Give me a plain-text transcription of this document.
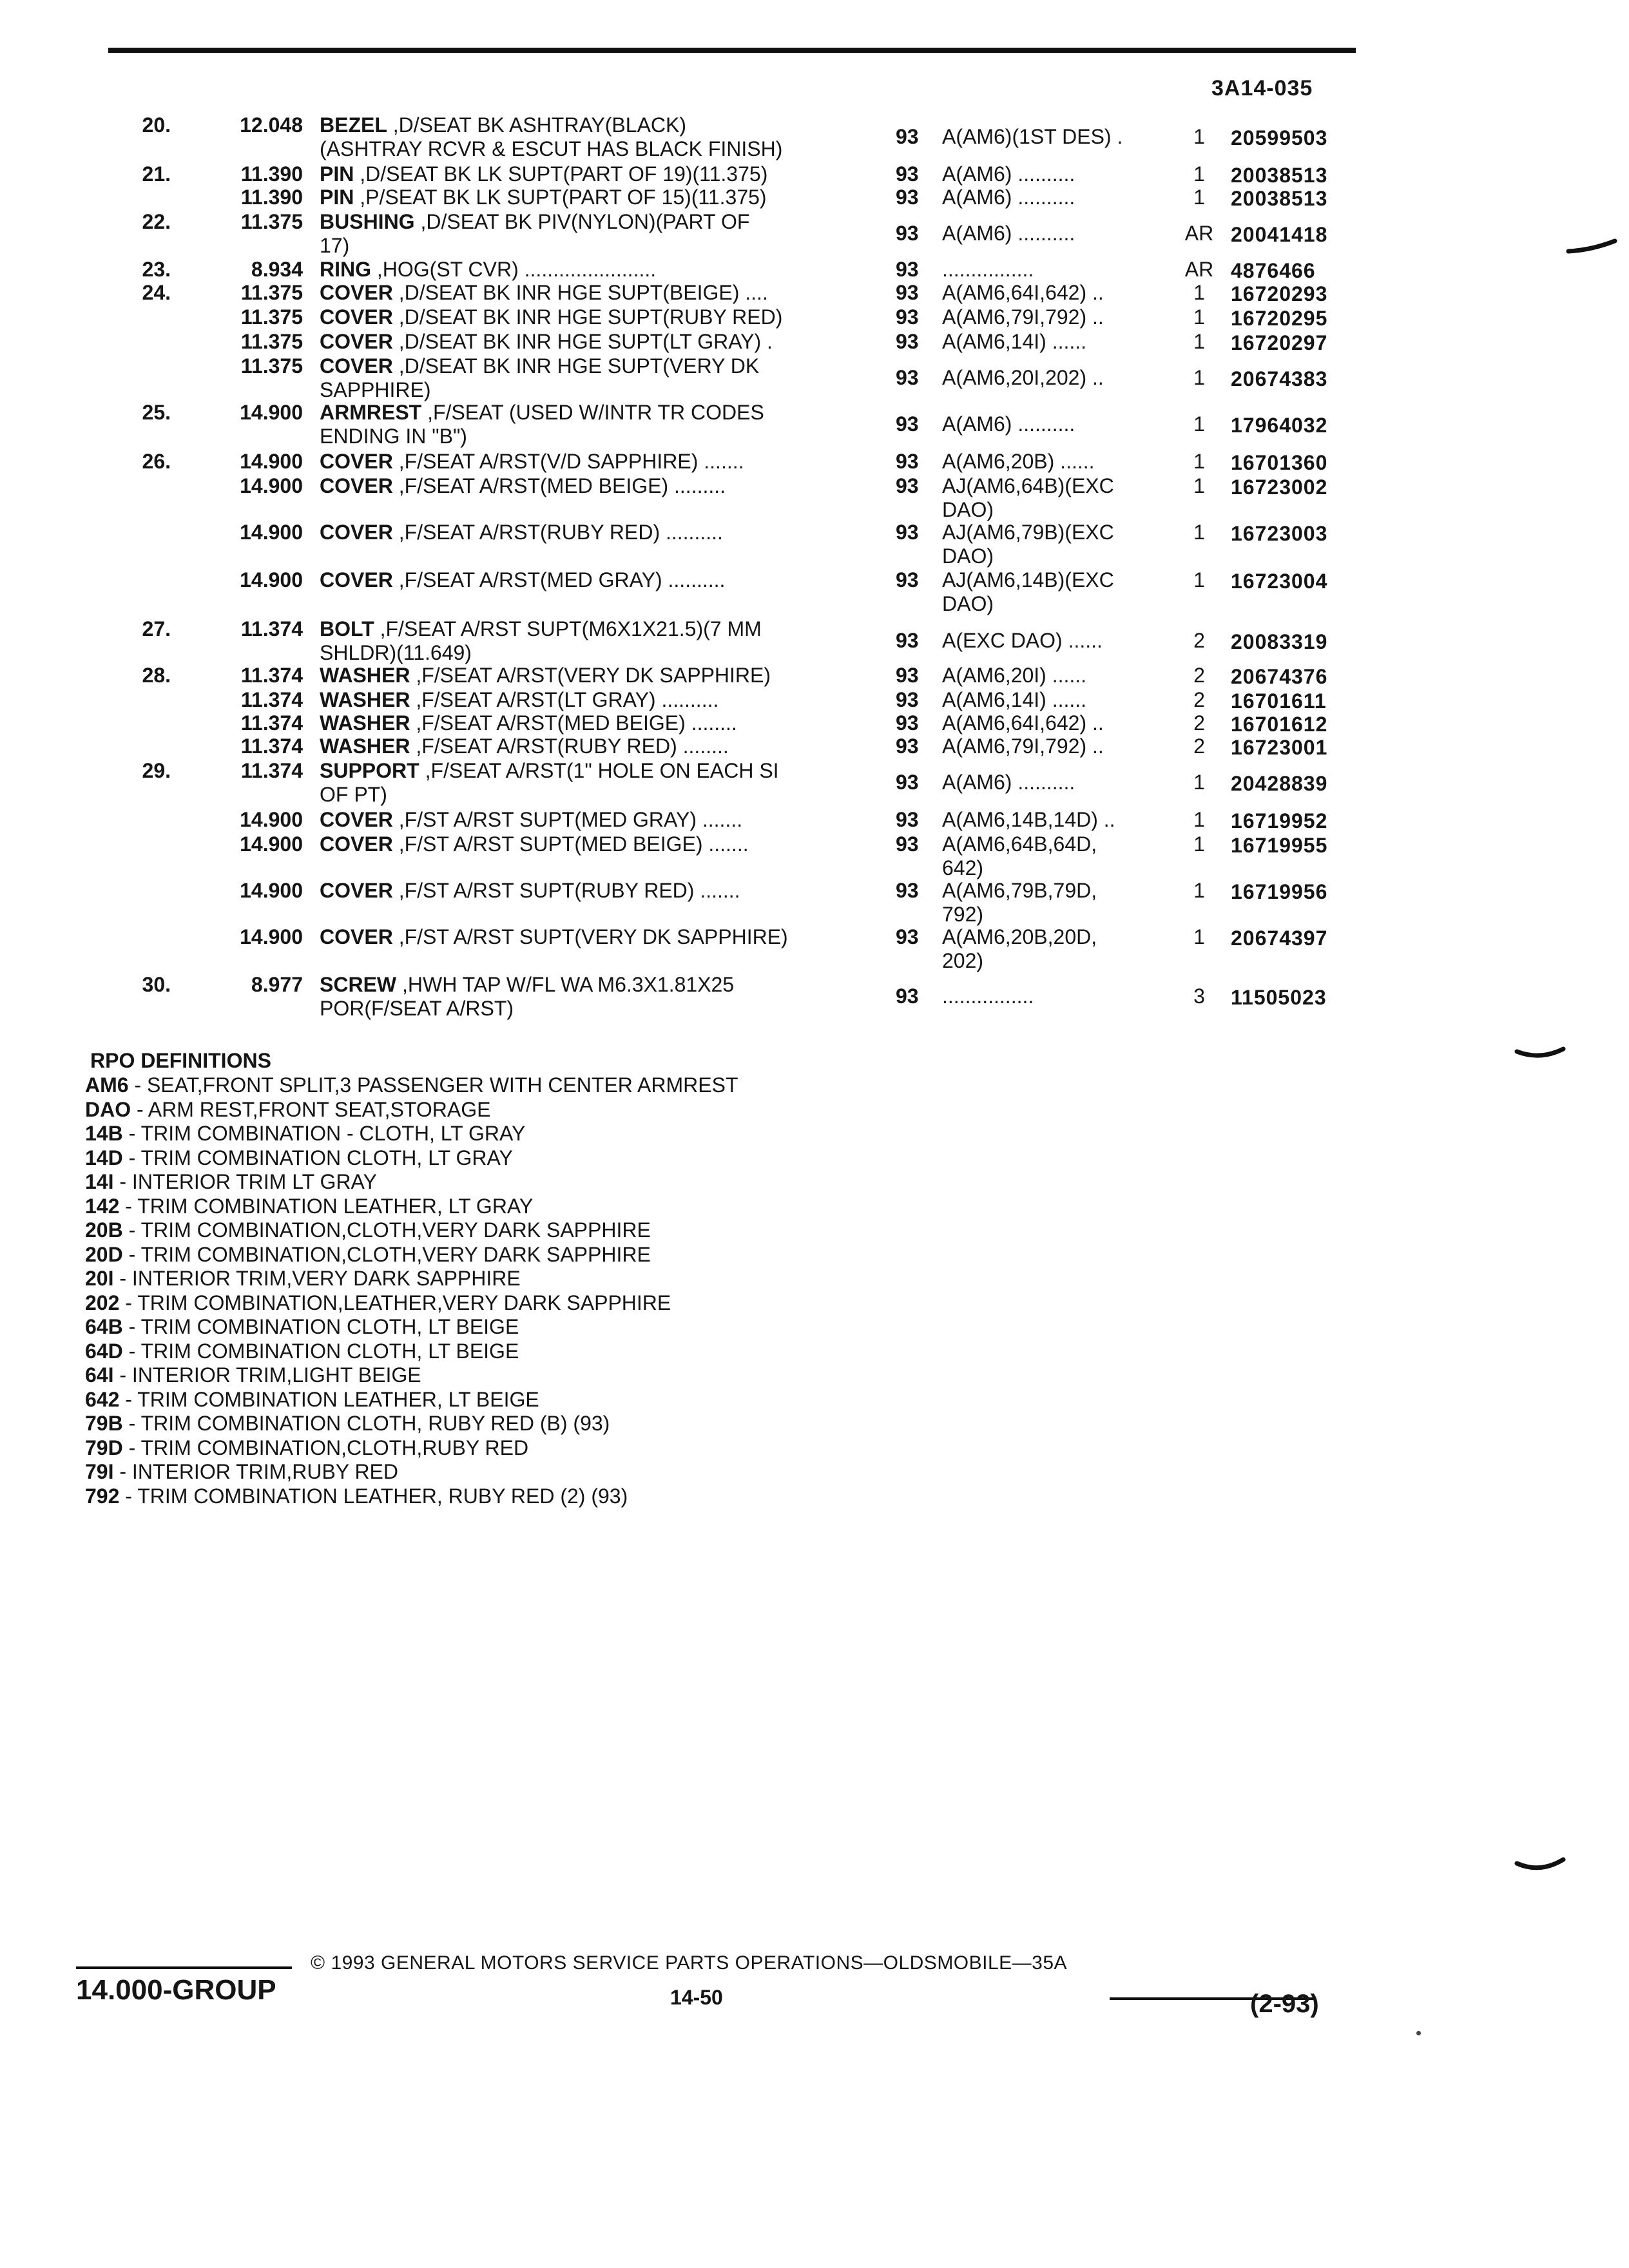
3A14-035
20.	12.048 BEZEL ,D/SEAT BK ASHTRAY(BLACK)
(ASHTRAY RCVR & ESCUT HAS BLACK FINISH)
93	A(AM6)(1ST DES) .	1	20599503
21.	11.390 PIN ,D/SEAT BK LK SUPT(PART OF 19)(11.375)	93	A(AM6) ..........	1	20038513
11.390 PIN ,P/SEAT BK LK SUPT(PART OF 15)(11.375)	93	A(AM6) ..........	1	20038513
22.	11.375 BUSHING ,D/SEAT BK PIV(NYLON)(PART OF
17)
93	A(AM6) ..........	AR 20041418
23.	8.934 RING ,HOG(ST CVR) .......................	93	................	AR 4876466
24.	11.375 COVER ,D/SEAT BK INR HGE SUPT(BEIGE) ....	93	A(AM6,64I,642) ..	1	16720293
11.375 COVER ,D/SEAT BK INR HGE SUPT(RUBY RED)	93	A(AM6,79I,792) ..	1	16720295
11.375 COVER ,D/SEAT BK INR HGE SUPT(LT GRAY) .	93	A(AM6,14I) ......	1	16720297
11.375 COVER ,D/SEAT BK INR HGE SUPT(VERY DK
SAPPHIRE)
93	A(AM6,20I,202) ..	1	20674383
25.	14.900 ARMREST ,F/SEAT (USED W/INTR TR CODES
ENDING IN "B")
93	A(AM6) ..........	1	17964032
26.	14.900 COVER ,F/SEAT A/RST(V/D SAPPHIRE) .......	93	A(AM6,20B) ......	1	16701360
14.900 COVER ,F/SEAT A/RST(MED BEIGE) .........	93	AJ(AM6,64B)(EXC
DAO)
1	16723002
14.900 COVER ,F/SEAT A/RST(RUBY RED) ..........	93	AJ(AM6,79B)(EXC
DAO)
1	16723003
14.900 COVER ,F/SEAT A/RST(MED GRAY) ..........	93	AJ(AM6,14B)(EXC
DAO)
1	16723004
27.	11.374 BOLT ,F/SEAT A/RST SUPT(M6X1X21.5)(7 MM
SHLDR)(11.649)
93	A(EXC DAO) ......	2	20083319
28.	11.374 WASHER ,F/SEAT A/RST(VERY DK SAPPHIRE)	93	A(AM6,20I) ......	2	20674376
11.374 WASHER ,F/SEAT A/RST(LT GRAY) ..........	93	A(AM6,14I) ......	2	16701611
11.374 WASHER ,F/SEAT A/RST(MED BEIGE) ........	93	A(AM6,64I,642) ..	2	16701612
11.374 WASHER ,F/SEAT A/RST(RUBY RED) ........	93	A(AM6,79I,792) ..	2	16723001
29.	11.374 SUPPORT ,F/SEAT A/RST(1" HOLE ON EACH SI
OF PT)
93	A(AM6) ..........	1	20428839
14.900 COVER ,F/ST A/RST SUPT(MED GRAY) .......	93	A(AM6,14B,14D) ..	1	16719952
14.900 COVER ,F/ST A/RST SUPT(MED BEIGE) .......	93	A(AM6,64B,64D,
642)
1	16719955
14.900 COVER ,F/ST A/RST SUPT(RUBY RED) .......	93	A(AM6,79B,79D,
792)
1	16719956
14.900 COVER ,F/ST A/RST SUPT(VERY DK SAPPHIRE)	93	A(AM6,20B,20D,
202)
1	20674397
30.	8.977 SCREW ,HWH TAP W/FL WA M6.3X1.81X25
POR(F/SEAT A/RST)
93	................	3	11505023
RPO DEFINITIONS
AM6 - SEAT,FRONT SPLIT,3 PASSENGER WITH CENTER ARMREST
DAO - ARM REST,FRONT SEAT,STORAGE
14B - TRIM COMBINATION - CLOTH, LT GRAY
14D - TRIM COMBINATION CLOTH, LT GRAY
14I - INTERIOR TRIM LT GRAY
142 - TRIM COMBINATION LEATHER, LT GRAY
20B - TRIM COMBINATION,CLOTH,VERY DARK SAPPHIRE
20D - TRIM COMBINATION,CLOTH,VERY DARK SAPPHIRE
20I - INTERIOR TRIM,VERY DARK SAPPHIRE
202 - TRIM COMBINATION,LEATHER,VERY DARK SAPPHIRE
64B - TRIM COMBINATION CLOTH, LT BEIGE
64D - TRIM COMBINATION CLOTH, LT BEIGE
64I - INTERIOR TRIM,LIGHT BEIGE
642 - TRIM COMBINATION LEATHER, LT BEIGE
79B - TRIM COMBINATION CLOTH, RUBY RED (B) (93)
79D - TRIM COMBINATION,CLOTH,RUBY RED
79I - INTERIOR TRIM,RUBY RED
792 - TRIM COMBINATION LEATHER, RUBY RED (2) (93)
© 1993 GENERAL MOTORS SERVICE PARTS OPERATIONS—OLDSMOBILE—35A
14.000-GROUP	14-50	(2-93)
